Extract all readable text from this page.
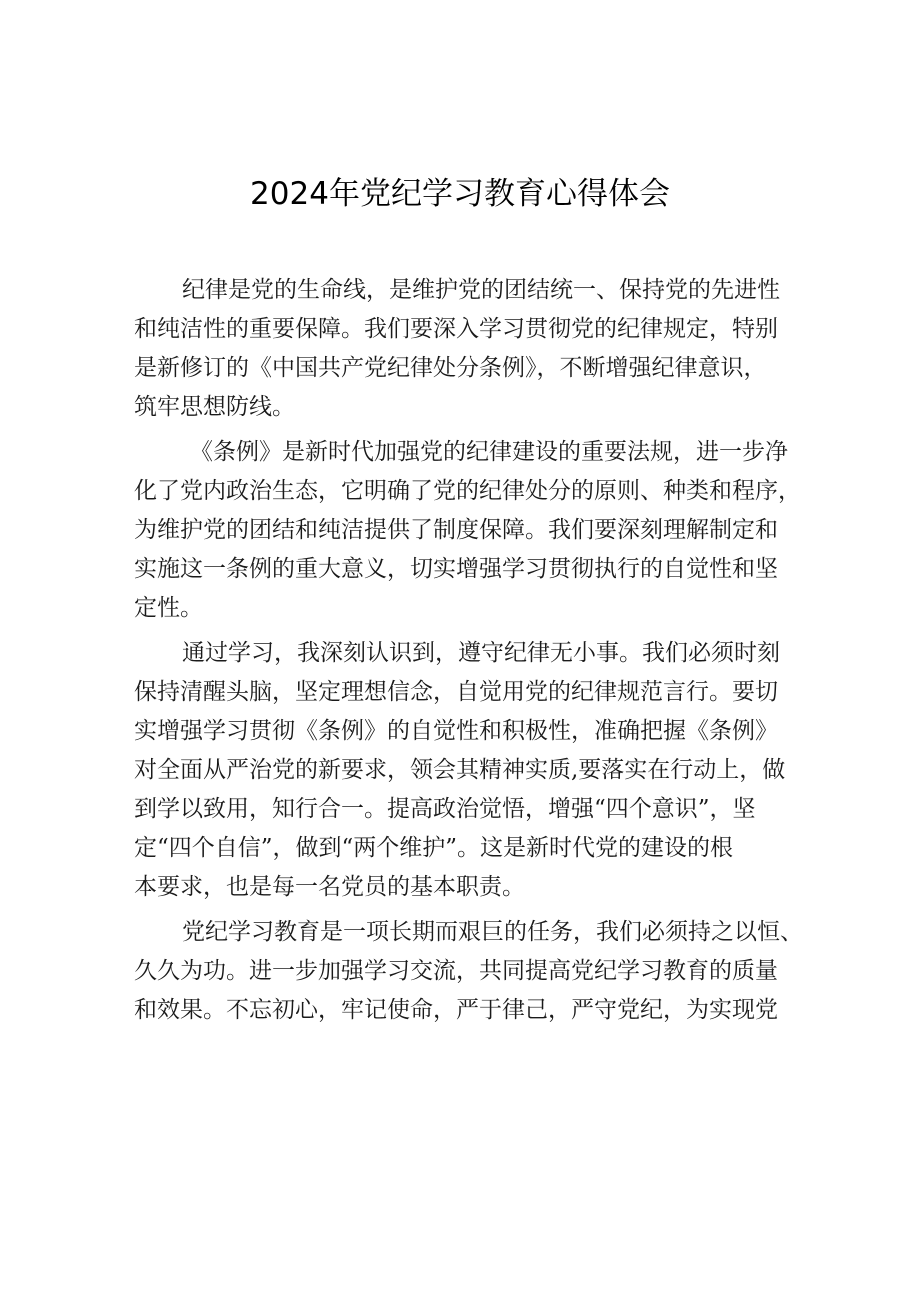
2024年党纪学习教育心得体会
纪律是党的生命线，是维护党的团结统一、保持党的先进性
和纯洁性的重要保障。我们要深入学习贯彻党的纪律规定，特别
是新修订的《中国共产党纪律处分条例》，不断增强纪律意识，
筑牢思想防线。
《条例》是新时代加强党的纪律建设的重要法规，进一步净
化了党内政治生态，它明确了党的纪律处分的原则、种类和程序，
为维护党的团结和纯洁提供了制度保障。我们要深刻理解制定和
实施这一条例的重大意义，切实增强学习贯彻执行的自觉性和坚
定性。
通过学习，我深刻认识到，遵守纪律无小事。我们必须时刻
保持清醒头脑，坚定理想信念，自觉用党的纪律规范言行。要切
实增强学习贯彻《条例》的自觉性和积极性，准确把握《条例》
对全面从严治党的新要求，领会其精神实质,要落实在行动上，做
到学以致用，知行合一。提高政治觉悟，增强“四个意识”，坚
定“四个自信”，做到“两个维护”。这是新时代党的建设的根
本要求，也是每一名党员的基本职责。
党纪学习教育是一项长期而艰巨的任务，我们必须持之以恒、
久久为功。进一步加强学习交流，共同提高党纪学习教育的质量
和效果。不忘初心，牢记使命，严于律己，严守党纪，为实现党
